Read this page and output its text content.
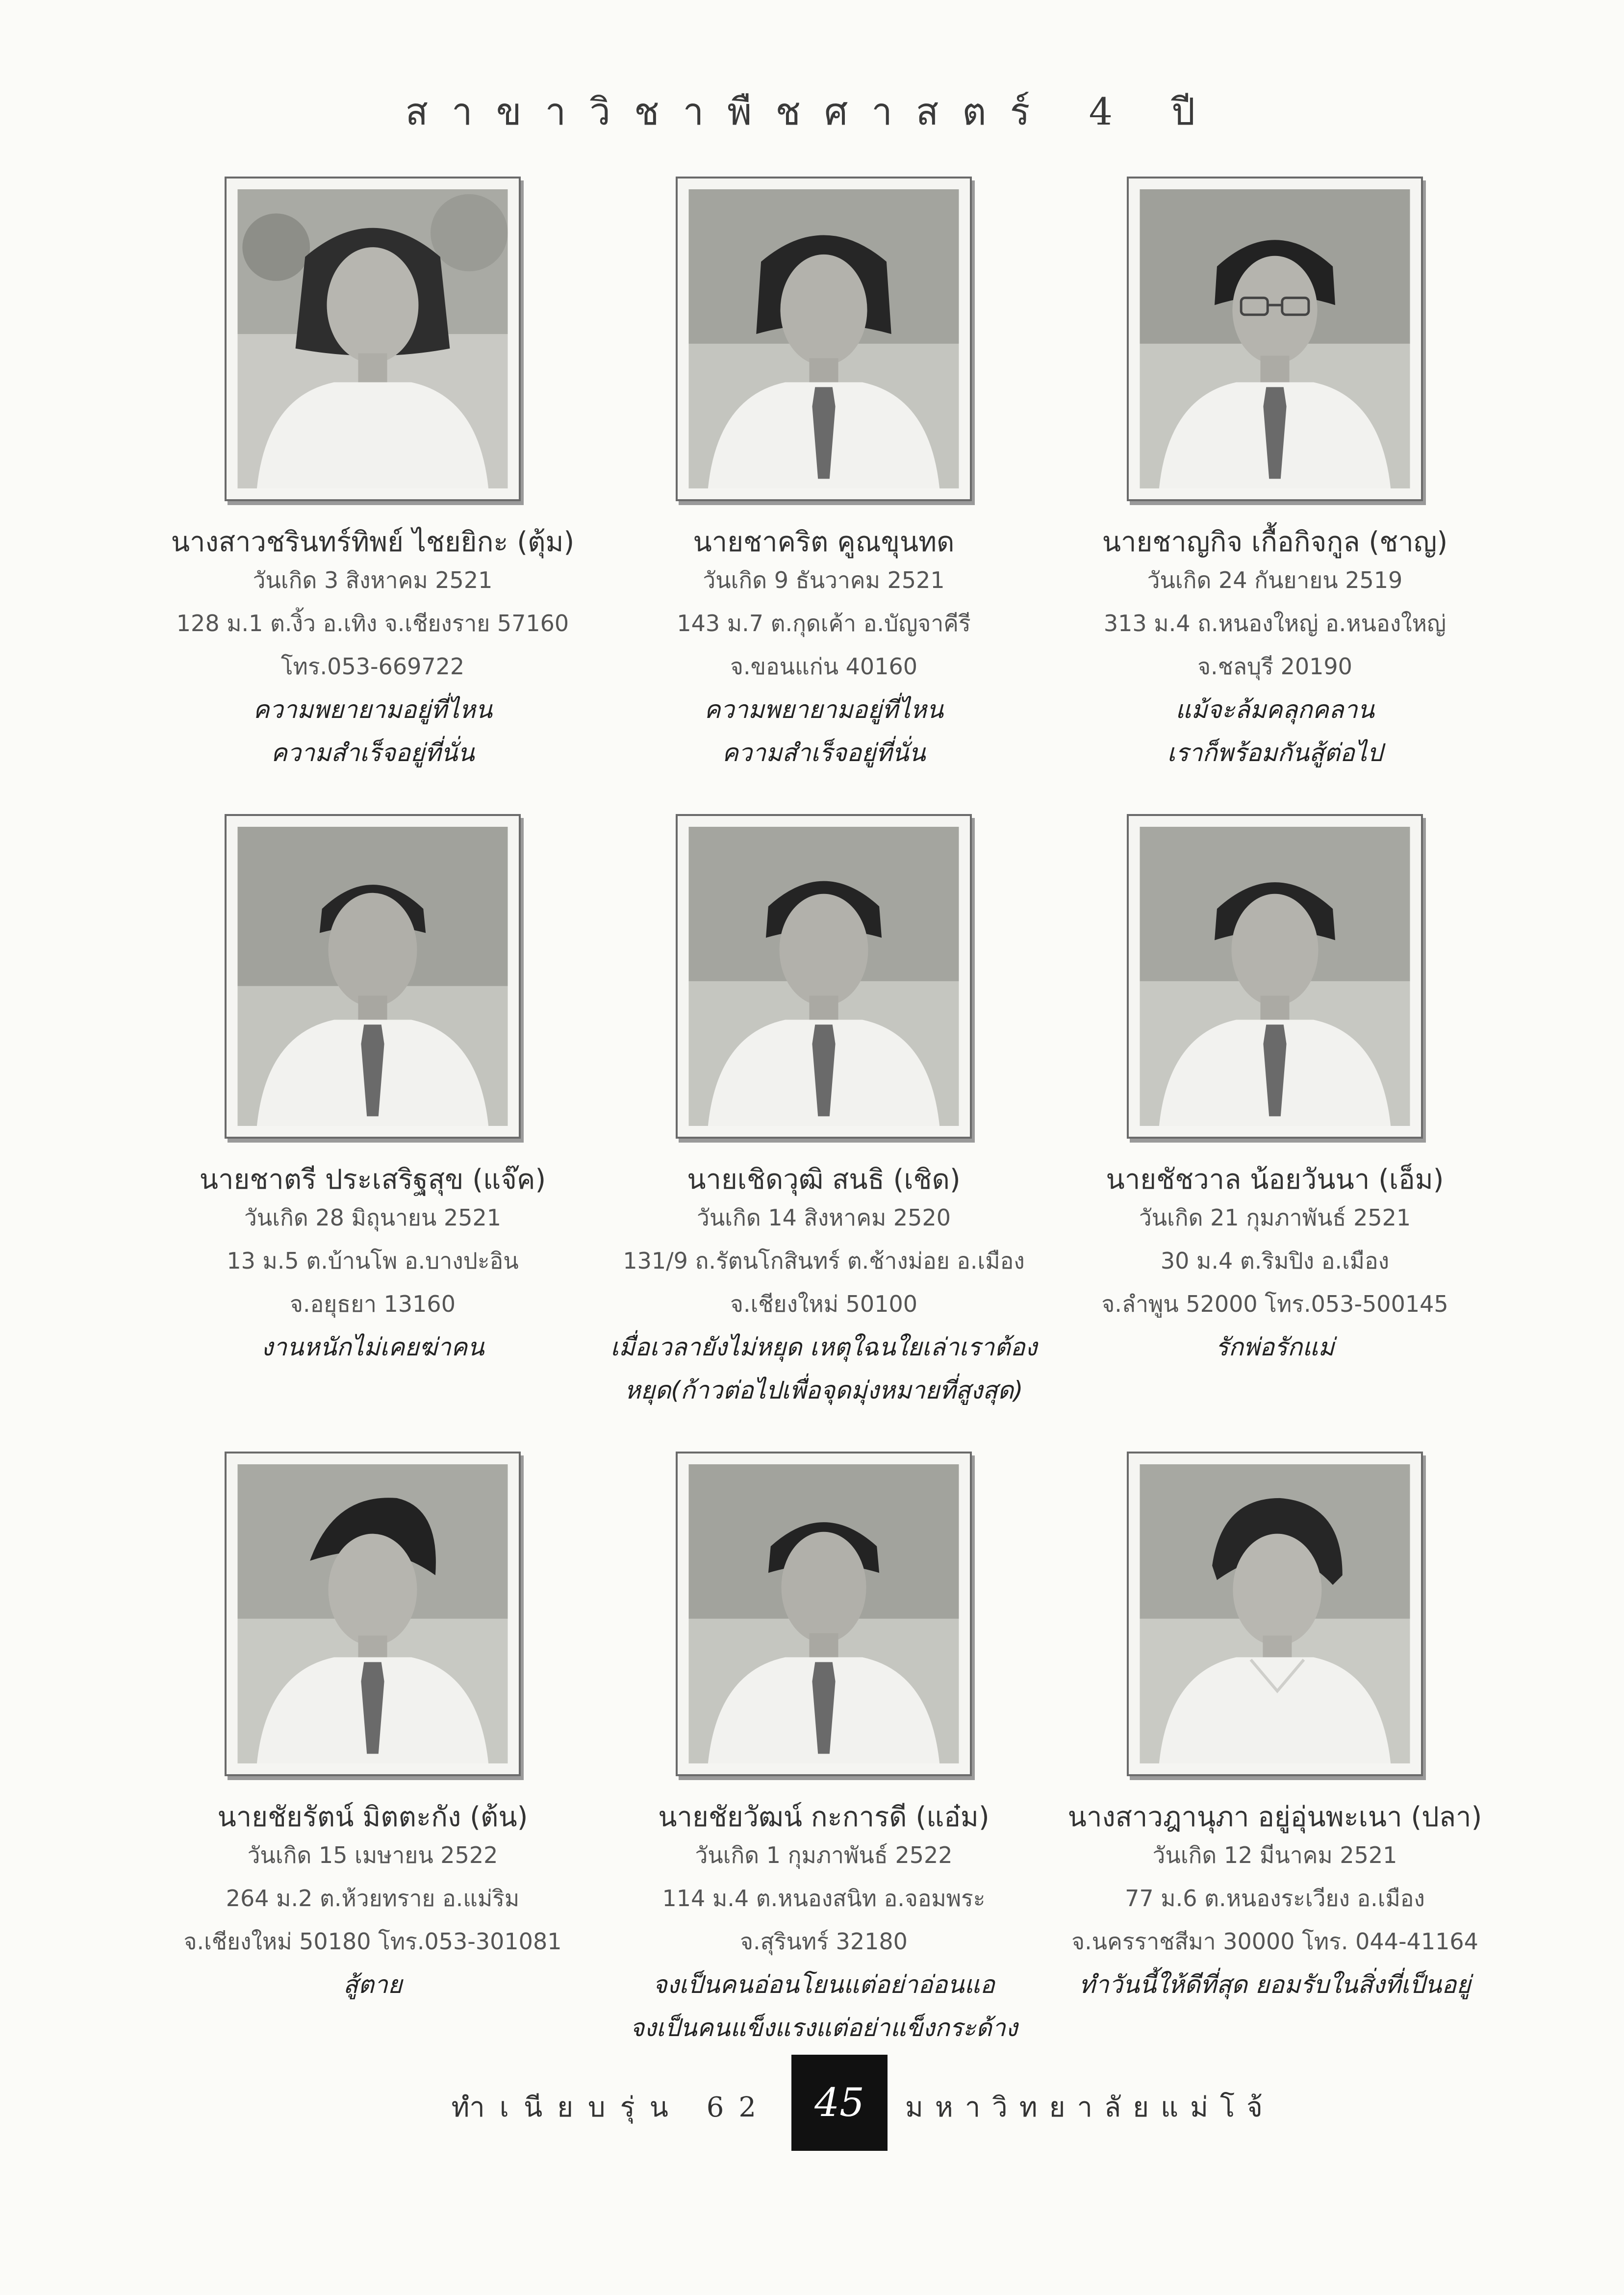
สาขาวิชาพืชศาสตร์ 4 ปี
นางสาวชรินทร์ทิพย์ ไชยยิกะ (ตุ้ม)
วันเกิด 3 สิงหาคม 2521
128 ม.1 ต.งิ้ว อ.เทิง จ.เชียงราย 57160
โทร.053-669722
ความพยายามอยู่ที่ไหน
ความสำเร็จอยู่ที่นั่น
นายชาคริต คูณขุนทด
วันเกิด 9 ธันวาคม 2521
143 ม.7 ต.กุดเค้า อ.บัญจาคีรี
จ.ขอนแก่น 40160
ความพยายามอยู่ที่ไหน
ความสำเร็จอยู่ที่นั่น
นายชาญกิจ เกื้อกิจกูล (ชาญ)
วันเกิด 24 กันยายน 2519
313 ม.4 ถ.หนองใหญ่ อ.หนองใหญ่
จ.ชลบุรี 20190
แม้จะล้มคลุกคลาน
เราก็พร้อมกันสู้ต่อไป
นายชาตรี ประเสริฐสุข (แจ๊ค)
วันเกิด 28 มิถุนายน 2521
13 ม.5 ต.บ้านโพ อ.บางปะอิน
จ.อยุธยา 13160
งานหนักไม่เคยฆ่าคน
นายเชิดวุฒิ สนธิ (เชิด)
วันเกิด 14 สิงหาคม 2520
131/9 ถ.รัตนโกสินทร์ ต.ช้างม่อย อ.เมือง
จ.เชียงใหม่ 50100
เมื่อเวลายังไม่หยุด เหตุใฉนใยเล่าเราต้อง
หยุด(ก้าวต่อไปเพื่อจุดมุ่งหมายที่สูงสุด)
นายชัชวาล น้อยวันนา (เอ็ม)
วันเกิด 21 กุมภาพันธ์ 2521
30 ม.4 ต.ริมปิง อ.เมือง
จ.ลำพูน 52000 โทร.053-500145
รักพ่อรักแม่
นายชัยรัตน์ มิตตะกัง (ต้น)
วันเกิด 15 เมษายน 2522
264 ม.2 ต.ห้วยทราย อ.แม่ริม
จ.เชียงใหม่ 50180 โทร.053-301081
สู้ตาย
นายชัยวัฒน์ กะการดี (แอ๋ม)
วันเกิด 1 กุมภาพันธ์ 2522
114 ม.4 ต.หนองสนิท อ.จอมพระ
จ.สุรินทร์ 32180
จงเป็นคนอ่อนโยนแต่อย่าอ่อนแอ
จงเป็นคนแข็งแรงแต่อย่าแข็งกระด้าง
นางสาวฎานุภา อยู่อุ่นพะเนา (ปลา)
วันเกิด 12 มีนาคม 2521
77 ม.6 ต.หนองระเวียง อ.เมือง
จ.นครราชสีมา 30000 โทร. 044-41164
ทำวันนี้ให้ดีที่สุด ยอมรับในสิ่งที่เป็นอยู่
ทำเนียบรุ่น 62	45	มหาวิทยาลัยแม่โจ้
